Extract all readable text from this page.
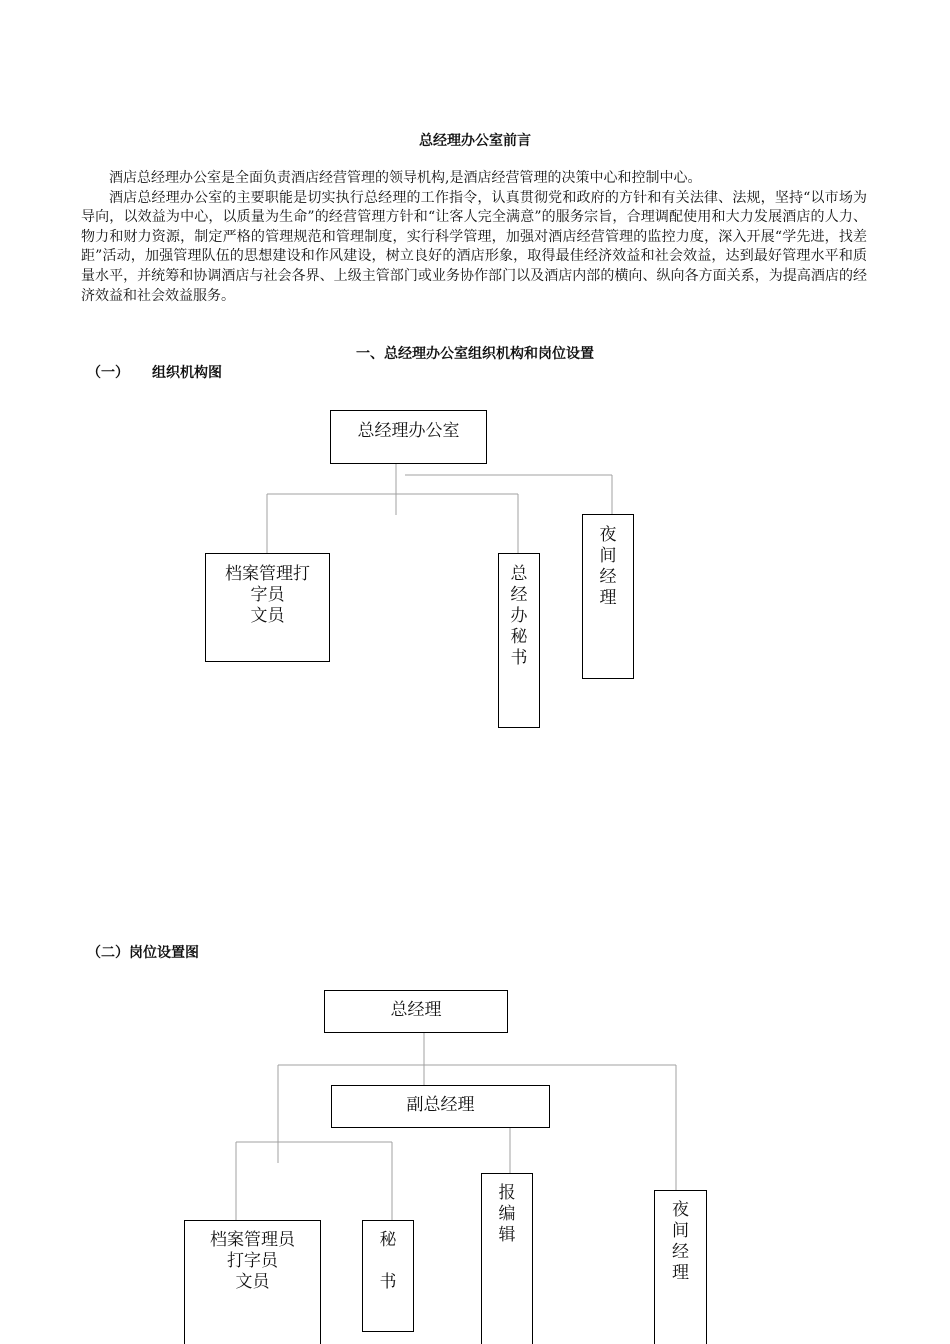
总经理办公室前言

酒店总经理办公室是全面负责酒店经营管理的领导机构,是酒店经营管理的决策中心和控制中心。

酒店总经理办公室的主要职能是切实执行总经理的工作指令，认真贯彻党和政府的方针和有关法律、法规，坚持“以市场为导向，以效益为中心，以质量为生命”的经营管理方针和“让客人完全满意”的服务宗旨，合理调配使用和大力发展酒店的人力、物力和财力资源，制定严格的管理规范和管理制度，实行科学管理，加强对酒店经营管理的监控力度，深入开展“学先进，找差距”活动，加强管理队伍的思想建设和作风建设，树立良好的酒店形象，取得最佳经济效益和社会效益，达到最好管理水平和质量水平，并统筹和协调酒店与社会各界、上级主管部门或业务协作部门以及酒店内部的横向、纵向各方面关系，为提高酒店的经济效益和社会效益服务。

一、总经理办公室组织机构和岗位设置
（一） 组织机构图
（二）岗位设置图
总经理办公室
档案管理打
字员
文员
总
经
办
秘
书
夜
间
经
理
总经理
副总经理
档案管理员
打字员
文员
秘
书
报
编
辑
夜
间
经
理
